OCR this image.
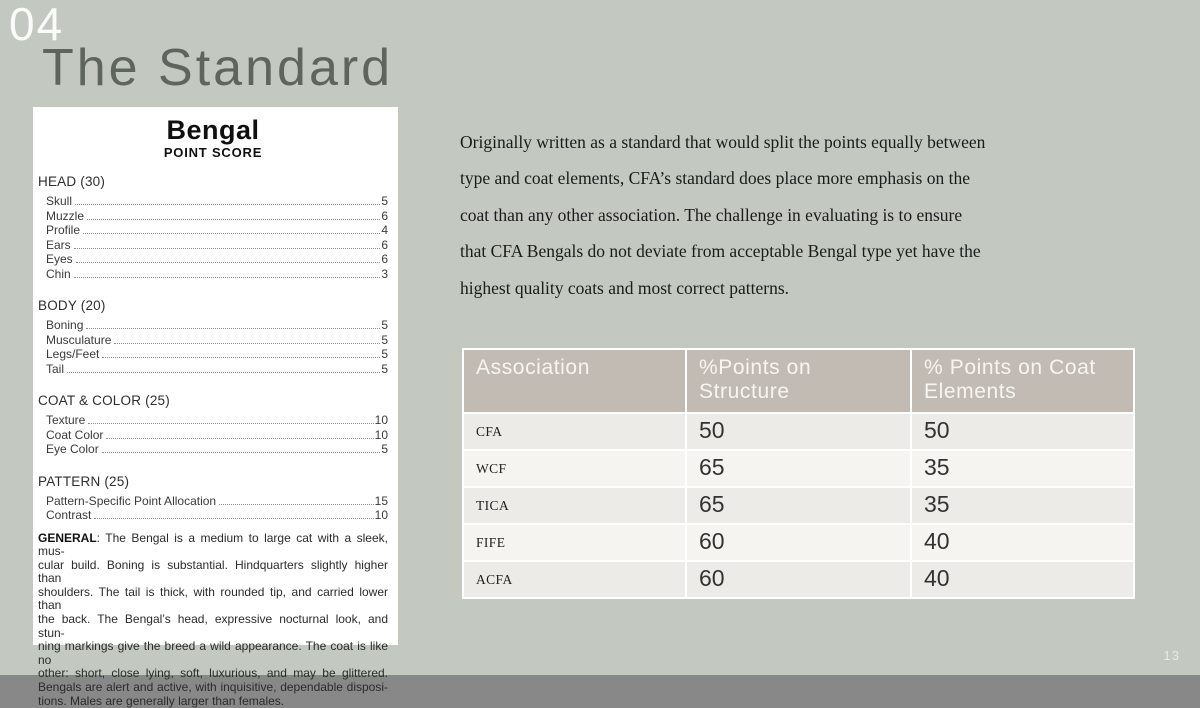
04
The Standard
Bengal
POINT SCORE
HEAD (30)
Skull	5
Muzzle	6
Profile	4
Ears	6
Eyes	6
Chin	3
BODY (20)
Boning	5
Musculature	5
Legs/Feet	5
Tail	5
COAT & COLOR (25)
Texture	10
Coat Color	10
Eye Color	5
PATTERN (25)
Pattern-Specific Point Allocation	15
Contrast	10
GENERAL: The Bengal is a medium to large cat with a sleek, mus-
cular build. Boning is substantial. Hindquarters slightly higher than
shoulders. The tail is thick, with rounded tip, and carried lower than
the back. The Bengal’s head, expressive nocturnal look, and stun-
ning markings give the breed a wild appearance. The coat is like no
other: short, close lying, soft, luxurious, and may be glittered.
Bengals are alert and active, with inquisitive, dependable disposi-
tions. Males are generally larger than females.
Originally written as a standard that would split the points equally between
type and coat elements, CFA’s standard does place more emphasis on the
coat than any other association. The challenge in evaluating is to ensure
that CFA Bengals do not deviate from acceptable Bengal type yet have the
highest quality coats and most correct patterns.
Association	%Points on Structure	% Points on Coat Elements
CFA	50	50
WCF	65	35
TICA	65	35
FIFE	60	40
ACFA	60	40
13
